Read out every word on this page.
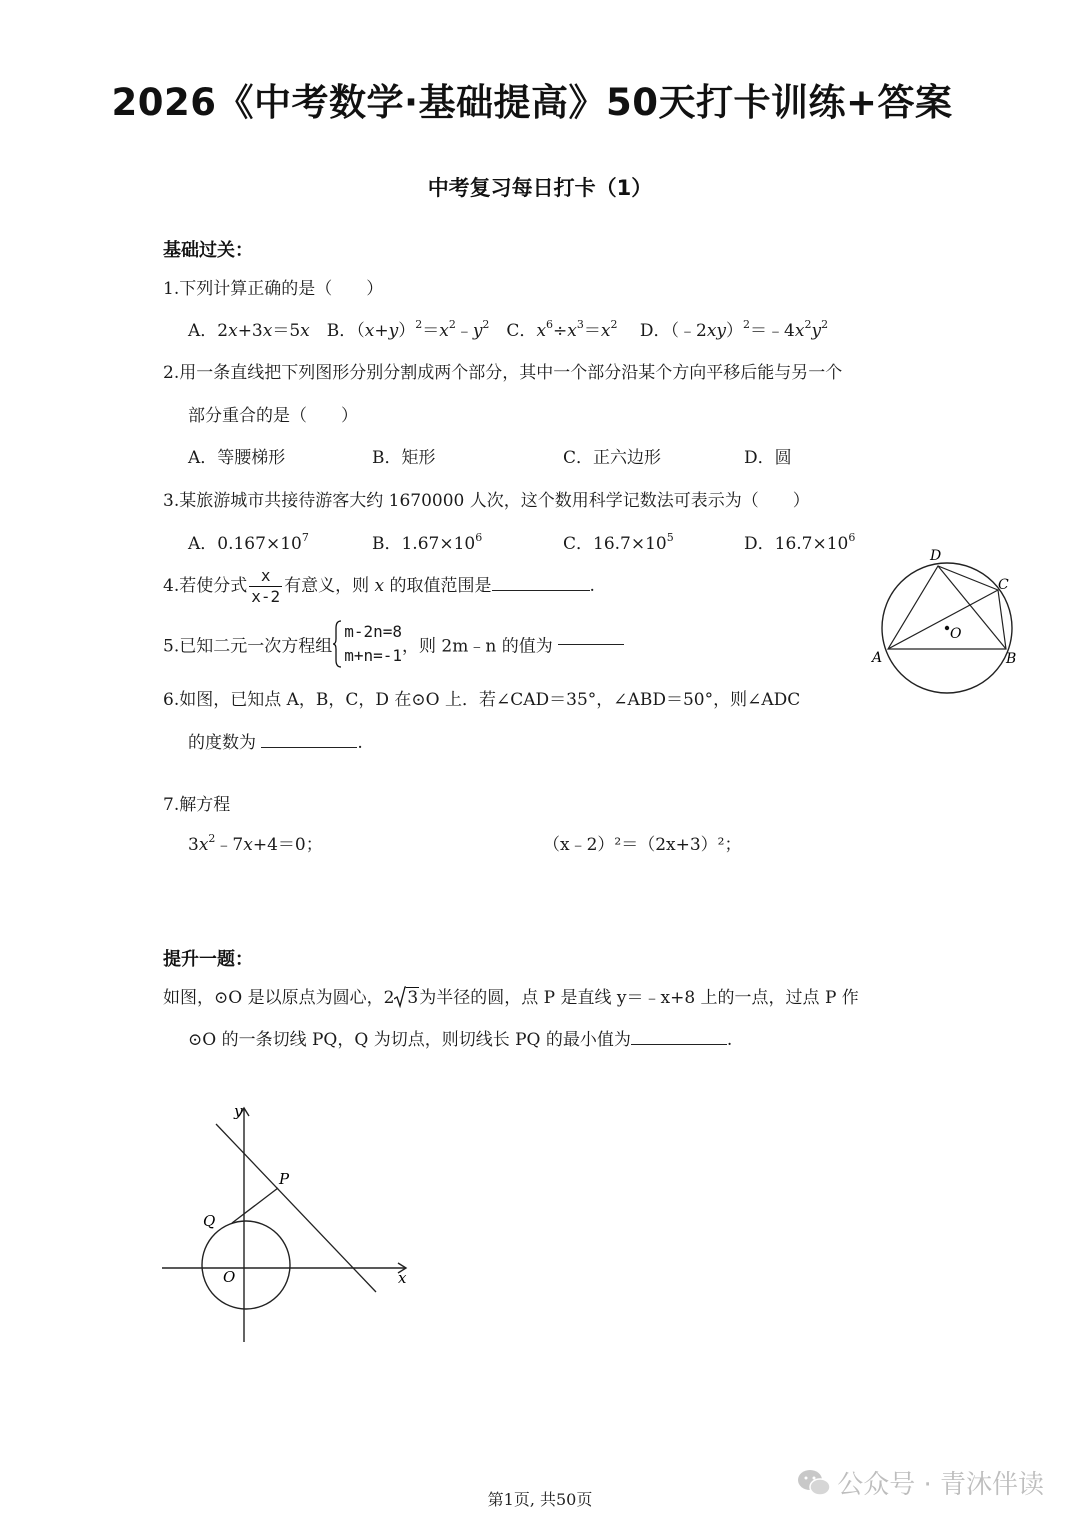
2026《中考数学·基础提高》50天打卡训练+答案
中考复习每日打卡（1）
基础过关：
1.下列计算正确的是（　　）
A．2x+3x＝5x　B．$(x+y)^2=x^2﹣y^2$　C．$x^6\div x^3=x^2$　 D．$(﹣2xy)^2=﹣4x^2y^2$
2.用一条直线把下列图形分别分割成两个部分，其中一个部分沿某个方向平移后能与另一个
部分重合的是（　　）
A．等腰梯形	B．矩形	C．正六边形	D．圆
3.某旅游城市共接待游客大约 1670000 人次，这个数用科学记数法可表示为（　　）
A．$0.167\times 10^7$	B．$1.67\times 10^6$	C．$16.7\times 10^5$	D．$16.7\times 10^6$
4.若使分式 $\frac{x}{x-2}$ 有意义，则 x 的取值范围是	.
5.已知二元一次方程组
m-2n=8
m+n=-1 ，则 2m﹣n 的值为
A	B
C
D
O
6.如图，已知点 A，B，C，D 在⊙O 上．若∠CAD＝35°，∠ABD＝50°，则∠ADC
的度数为	.
7.解方程
$3x^2﹣7x+4=0$；	（x﹣2）²＝（2x+3）²；
提升一题：
如图，⊙O 是以原点为圆心，2 3为半径的圆，点 P 是直线 y＝﹣x+8 上的一点，过点 P 作
⊙O 的一条切线 PQ，Q 为切点，则切线长 PQ 的最小值为	.
y
x
P
Q
O
第1页, 共50页	公众号 · 青沐伴读
